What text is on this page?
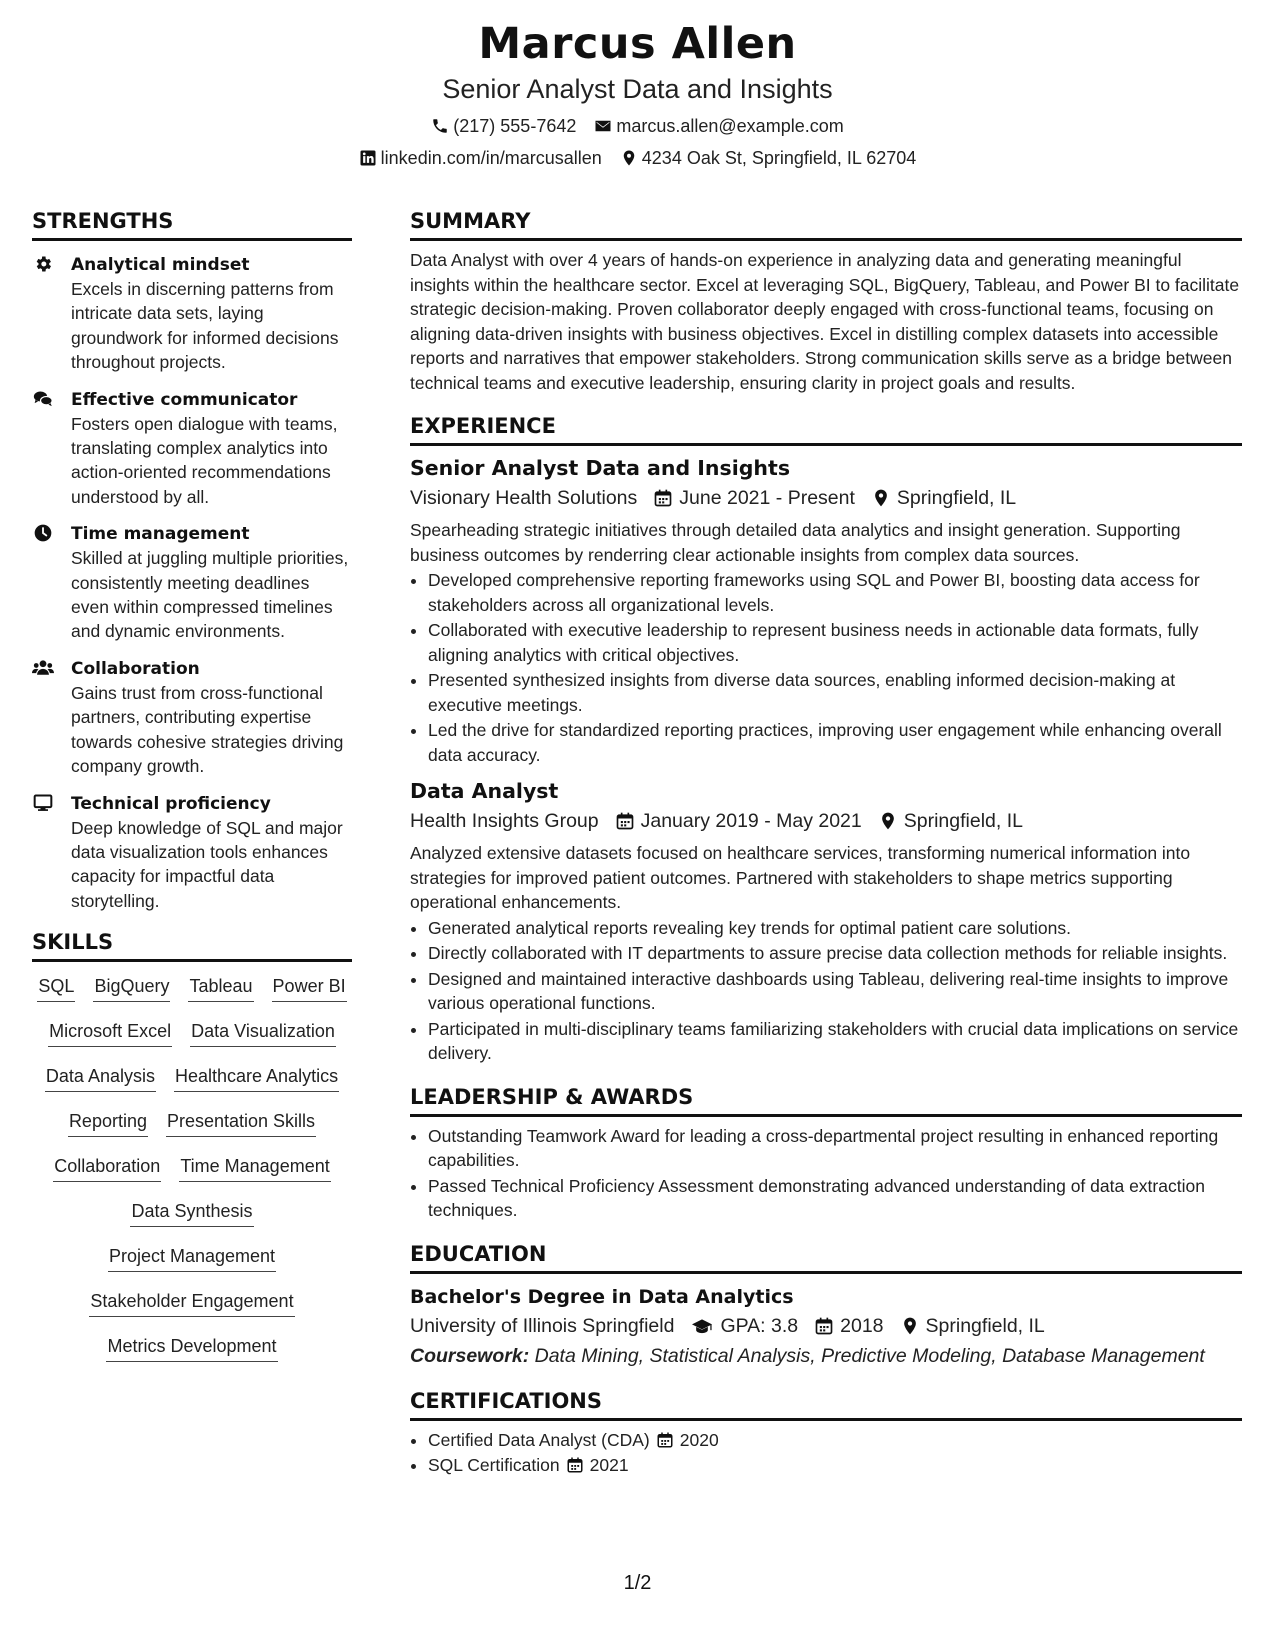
Marcus Allen
Senior Analyst Data and Insights
(217) 555-7642 marcus.allen@example.com
linkedin.com/in/marcusallen 4234 Oak St, Springfield, IL 62704
STRENGTHS
Analytical mindset
Excels in discerning patterns from intricate data sets, laying groundwork for informed decisions throughout projects.
Effective communicator
Fosters open dialogue with teams, translating complex analytics into action-oriented recommendations understood by all.
Time management
Skilled at juggling multiple priorities, consistently meeting deadlines even within compressed timelines and dynamic environments.
Collaboration
Gains trust from cross-functional partners, contributing expertise towards cohesive strategies driving company growth.
Technical proficiency
Deep knowledge of SQL and major data visualization tools enhances capacity for impactful data storytelling.
SKILLS
SQL BigQuery Tableau Power BI
Microsoft Excel Data Visualization
Data Analysis Healthcare Analytics
Reporting Presentation Skills
Collaboration Time Management
Data Synthesis
Project Management
Stakeholder Engagement
Metrics Development
SUMMARY
Data Analyst with over 4 years of hands-on experience in analyzing data and generating meaningful insights within the healthcare sector. Excel at leveraging SQL, BigQuery, Tableau, and Power BI to facilitate strategic decision-making. Proven collaborator deeply engaged with cross-functional teams, focusing on aligning data-driven insights with business objectives. Excel in distilling complex datasets into accessible reports and narratives that empower stakeholders. Strong communication skills serve as a bridge between technical teams and executive leadership, ensuring clarity in project goals and results.
EXPERIENCE
Senior Analyst Data and Insights
Visionary Health Solutions June 2021 - Present Springfield, IL
Spearheading strategic initiatives through detailed data analytics and insight generation. Supporting business outcomes by renderring clear actionable insights from complex data sources.
• Developed comprehensive reporting frameworks using SQL and Power BI, boosting data access for stakeholders across all organizational levels.
• Collaborated with executive leadership to represent business needs in actionable data formats, fully aligning analytics with critical objectives.
• Presented synthesized insights from diverse data sources, enabling informed decision-making at executive meetings.
• Led the drive for standardized reporting practices, improving user engagement while enhancing overall data accuracy.
Data Analyst
Health Insights Group January 2019 - May 2021 Springfield, IL
Analyzed extensive datasets focused on healthcare services, transforming numerical information into strategies for improved patient outcomes. Partnered with stakeholders to shape metrics supporting operational enhancements.
• Generated analytical reports revealing key trends for optimal patient care solutions.
• Directly collaborated with IT departments to assure precise data collection methods for reliable insights.
• Designed and maintained interactive dashboards using Tableau, delivering real-time insights to improve various operational functions.
• Participated in multi-disciplinary teams familiarizing stakeholders with crucial data implications on service delivery.
LEADERSHIP & AWARDS
• Outstanding Teamwork Award for leading a cross-departmental project resulting in enhanced reporting capabilities.
• Passed Technical Proficiency Assessment demonstrating advanced understanding of data extraction techniques.
EDUCATION
Bachelor's Degree in Data Analytics
University of Illinois Springfield GPA: 3.8 2018 Springfield, IL
Coursework: Data Mining, Statistical Analysis, Predictive Modeling, Database Management
CERTIFICATIONS
• Certified Data Analyst (CDA) 2020
• SQL Certification 2021
1/2
